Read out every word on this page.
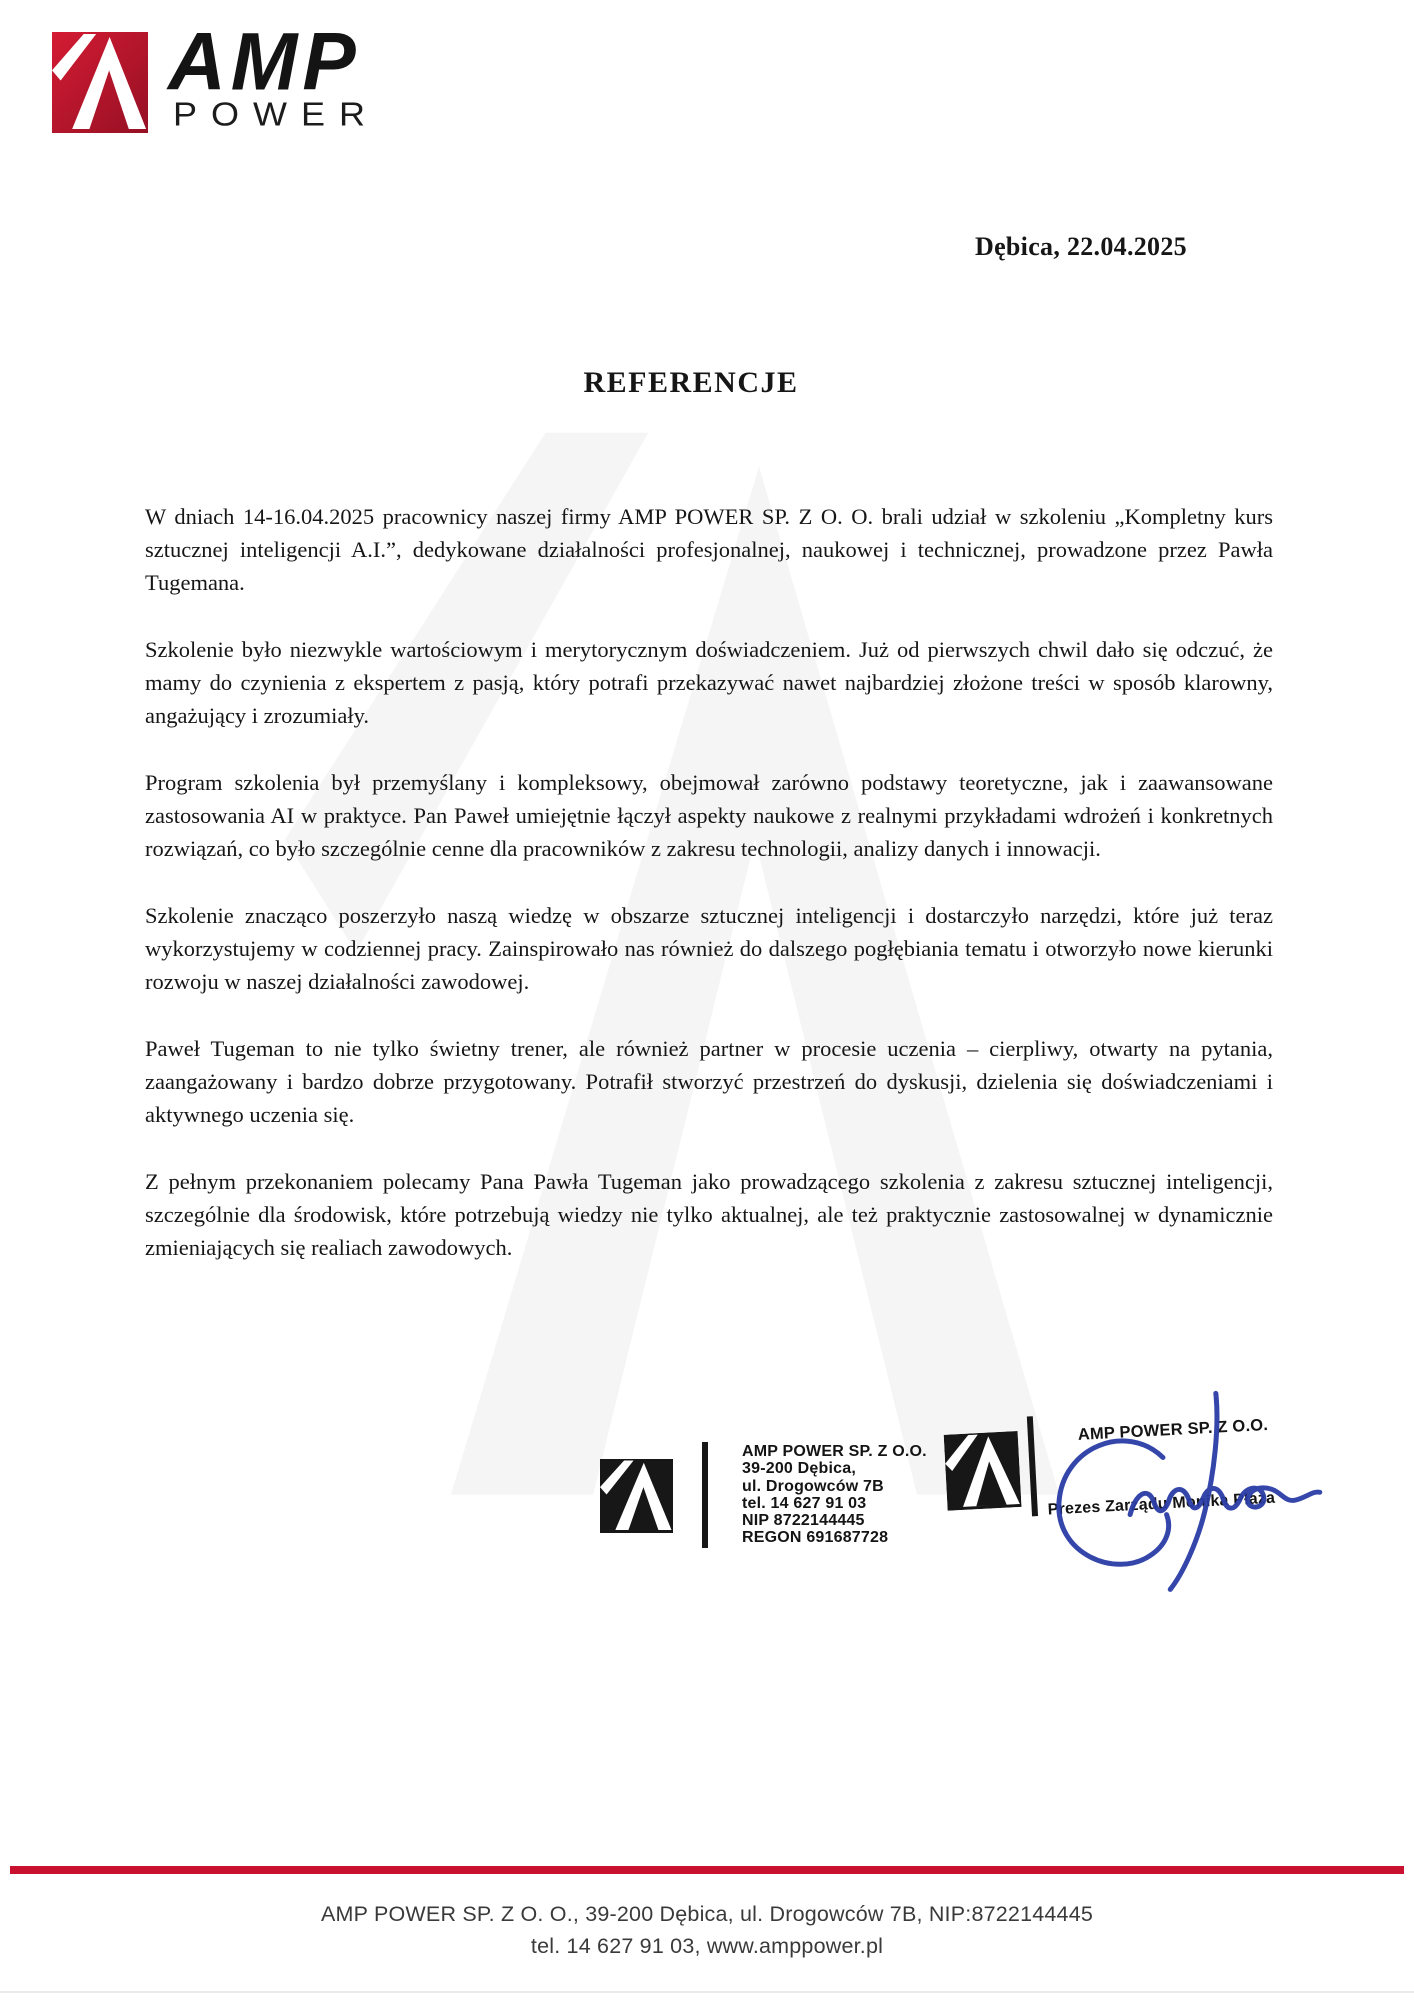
AMP
POWER
Dębica, 22.04.2025
REFERENCJE

W dniach 14-16.04.2025 pracownicy naszej firmy AMP POWER SP. Z O. O. brali udział w szkoleniu „Kompletny kurs sztucznej inteligencji A.I.”, dedykowane działalności profesjonalnej, naukowej i technicznej, prowadzone przez Pawła Tugemana.

Szkolenie było niezwykle wartościowym i merytorycznym doświadczeniem. Już od pierwszych chwil dało się odczuć, że mamy do czynienia z ekspertem z pasją, który potrafi przekazywać nawet najbardziej złożone treści w sposób klarowny, angażujący i zrozumiały.

Program szkolenia był przemyślany i kompleksowy, obejmował zarówno podstawy teoretyczne, jak i zaawansowane zastosowania AI w praktyce. Pan Paweł umiejętnie łączył aspekty naukowe z realnymi przykładami wdrożeń i konkretnych rozwiązań, co było szczególnie cenne dla pracowników z zakresu technologii, analizy danych i innowacji.

Szkolenie znacząco poszerzyło naszą wiedzę w obszarze sztucznej inteligencji i dostarczyło narzędzi, które już teraz wykorzystujemy w codziennej pracy. Zainspirowało nas również do dalszego pogłębiania tematu i otworzyło nowe kierunki rozwoju w naszej działalności zawodowej.

Paweł Tugeman to nie tylko świetny trener, ale również partner w procesie uczenia – cierpliwy, otwarty na pytania, zaangażowany i bardzo dobrze przygotowany. Potrafił stworzyć przestrzeń do dyskusji, dzielenia się doświadczeniami i aktywnego uczenia się.

Z pełnym przekonaniem polecamy Pana Pawła Tugeman jako prowadzącego szkolenia z zakresu sztucznej inteligencji, szczególnie dla środowisk, które potrzebują wiedzy nie tylko aktualnej, ale też praktycznie zastosowalnej w dynamicznie zmieniających się realiach zawodowych.

AMP POWER SP. Z O.O.
39-200 Dębica,
ul. Drogowców 7B
tel. 14 627 91 03
NIP 8722144445
REGON 691687728
AMP POWER SP. Z O.O.
Prezes Zarządu Monika Płaza
AMP POWER SP. Z O. O., 39-200 Dębica, ul. Drogowców 7B, NIP:8722144445
tel. 14 627 91 03, www.amppower.pl
